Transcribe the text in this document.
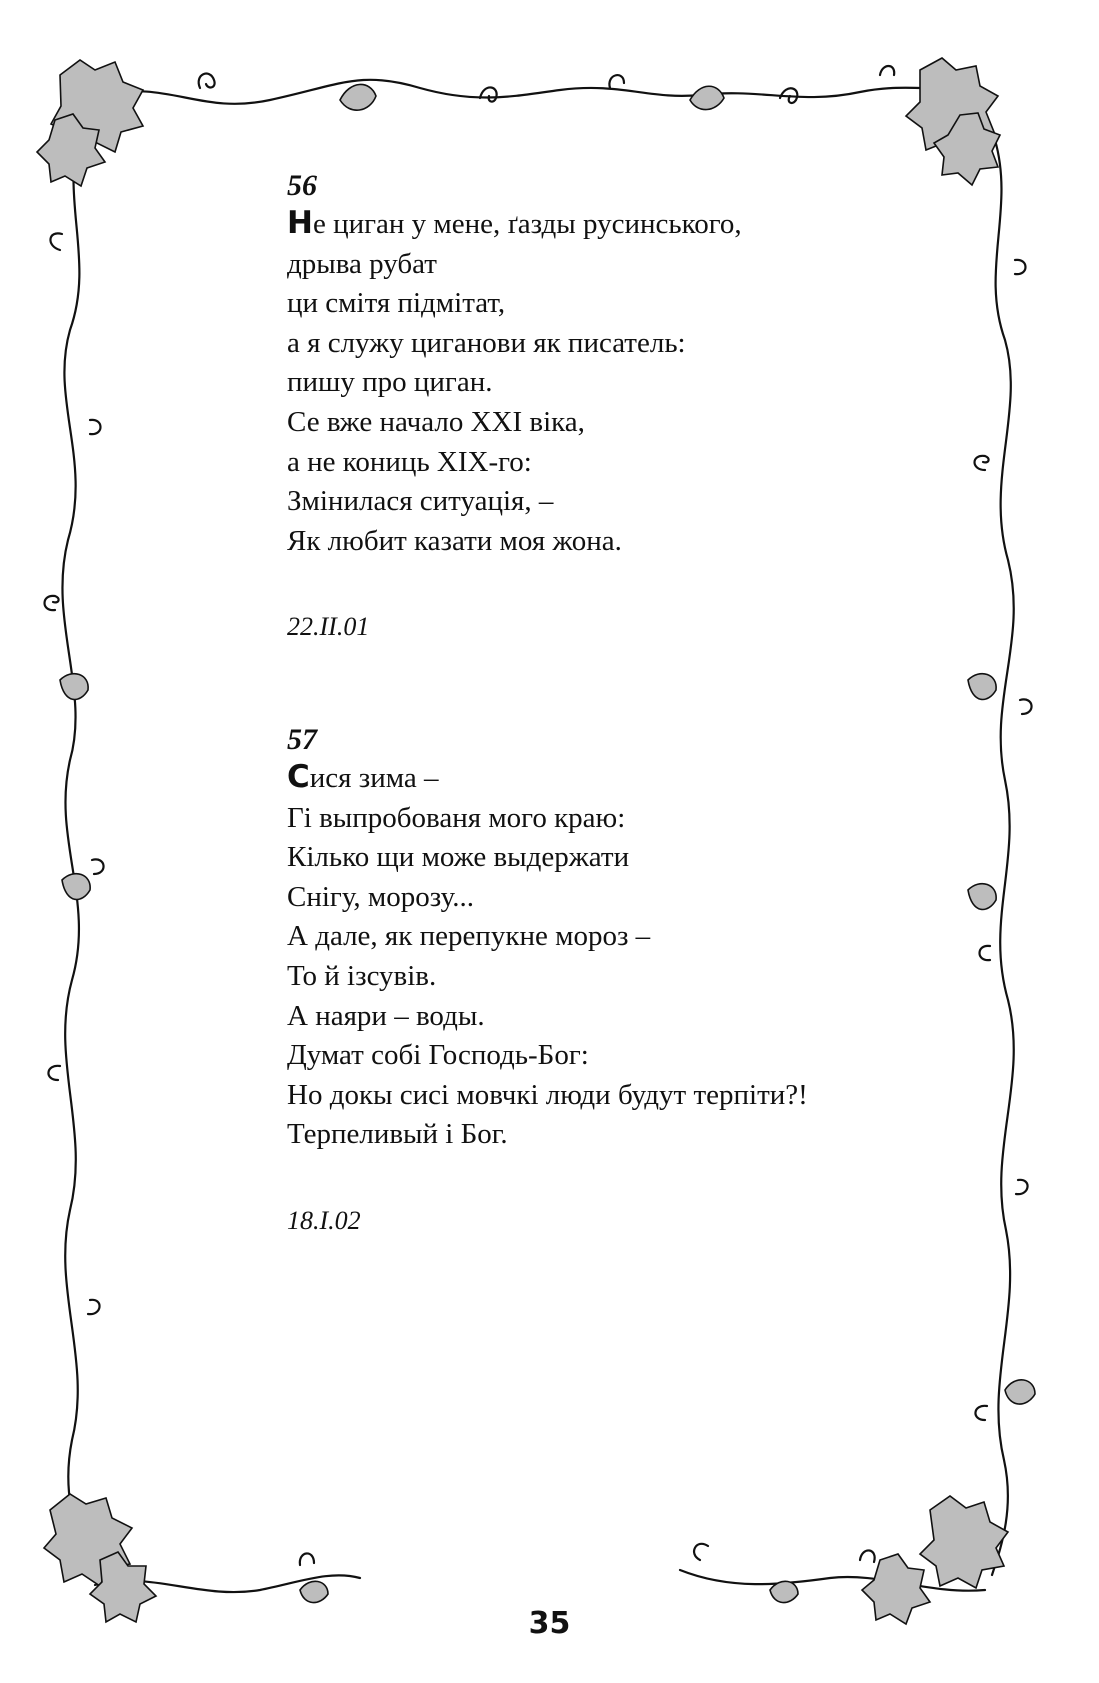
56
Не циган у мене, ґазды русинського,
дрыва рубат
ци смітя підмітат,
а я служу циганови як писатель:
пишу про циган.
Се вже начало XXI віка,
а не кониць XIX-го:
Змінилася ситуація, –
Як любит казати моя жона.
22.II.01
57
Сися зима –
Гі выпробованя мого краю:
Кілько щи може выдержати
Снігу, морозу...
А дале, як перепукне мороз –
То й ізсувів.
А наяри – воды.
Думат собі Господь-Бог:
Но докы сисі мовчкі люди будут терпіти?!
Терпеливый і Бог.
18.I.02
35
